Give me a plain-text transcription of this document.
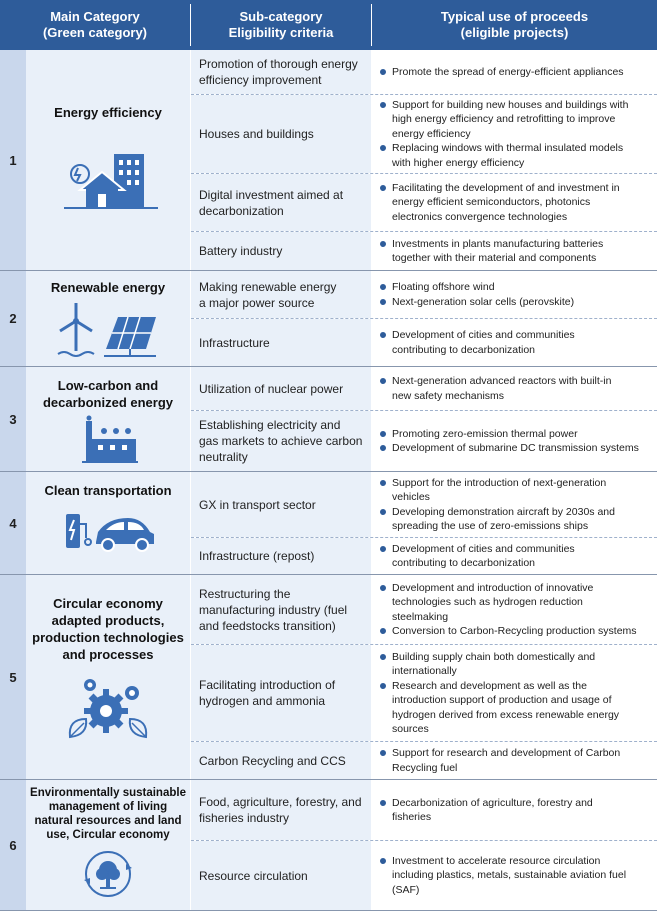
Main Category
(Green category)
Sub-category
Eligibility criteria
Typical use of proceeds
(eligible projects)
1
Energy efficiency
Promotion of thorough energy
efficiency improvement
Promote the spread of energy-efficient appliances
Houses and buildings
Support for building new houses and buildings with
high energy efficiency and retrofitting to improve
energy efficiency
Replacing windows with thermal insulated models
with higher energy efficiency
Digital investment aimed at
decarbonization
Facilitating the development of and investment in
energy efficient semiconductors, photonics
electronics convergence technologies
Battery industry
Investments in plants manufacturing batteries
together with their material and components
2
Renewable energy	Making renewable energy
a major power source
Floating offshore wind
Next-generation solar cells (perovskite)
Infrastructure
Development of cities and communities
contributing to decarbonization
3
Low-carbon and
decarbonized energy
Utilization of nuclear power
Next-generation advanced reactors with built-in
new safety mechanisms
Establishing electricity and
gas markets to achieve carbon
neutrality
Promoting zero-emission thermal power
Development of submarine DC transmission systems
4
Clean transportation
GX in transport sector
Support for the introduction of next-generation
vehicles
Developing demonstration aircraft by 2030s and
spreading the use of zero-emissions ships
Infrastructure (repost)
Development of cities and communities
contributing to decarbonization
5
Circular economy
adapted products,
production technologies
and processes
Restructuring the
manufacturing industry (fuel
and feedstocks transition)
Development and introduction of innovative
technologies such as hydrogen reduction
steelmaking
Conversion to Carbon-Recycling production systems
Facilitating introduction of
hydrogen and ammonia
Building supply chain both domestically and
internationally
Research and development as well as the
introduction support of production and usage of
hydrogen derived from excess renewable energy
sources
Carbon Recycling and CCS
Support for research and development of Carbon
Recycling fuel
6
Environmentally sustainable
management of living
natural resources and land
use, Circular economy
Food, agriculture, forestry, and
fisheries industry
Decarbonization of agriculture, forestry and
fisheries
Resource circulation
Investment to accelerate resource circulation
including plastics, metals, sustainable aviation fuel
(SAF)
